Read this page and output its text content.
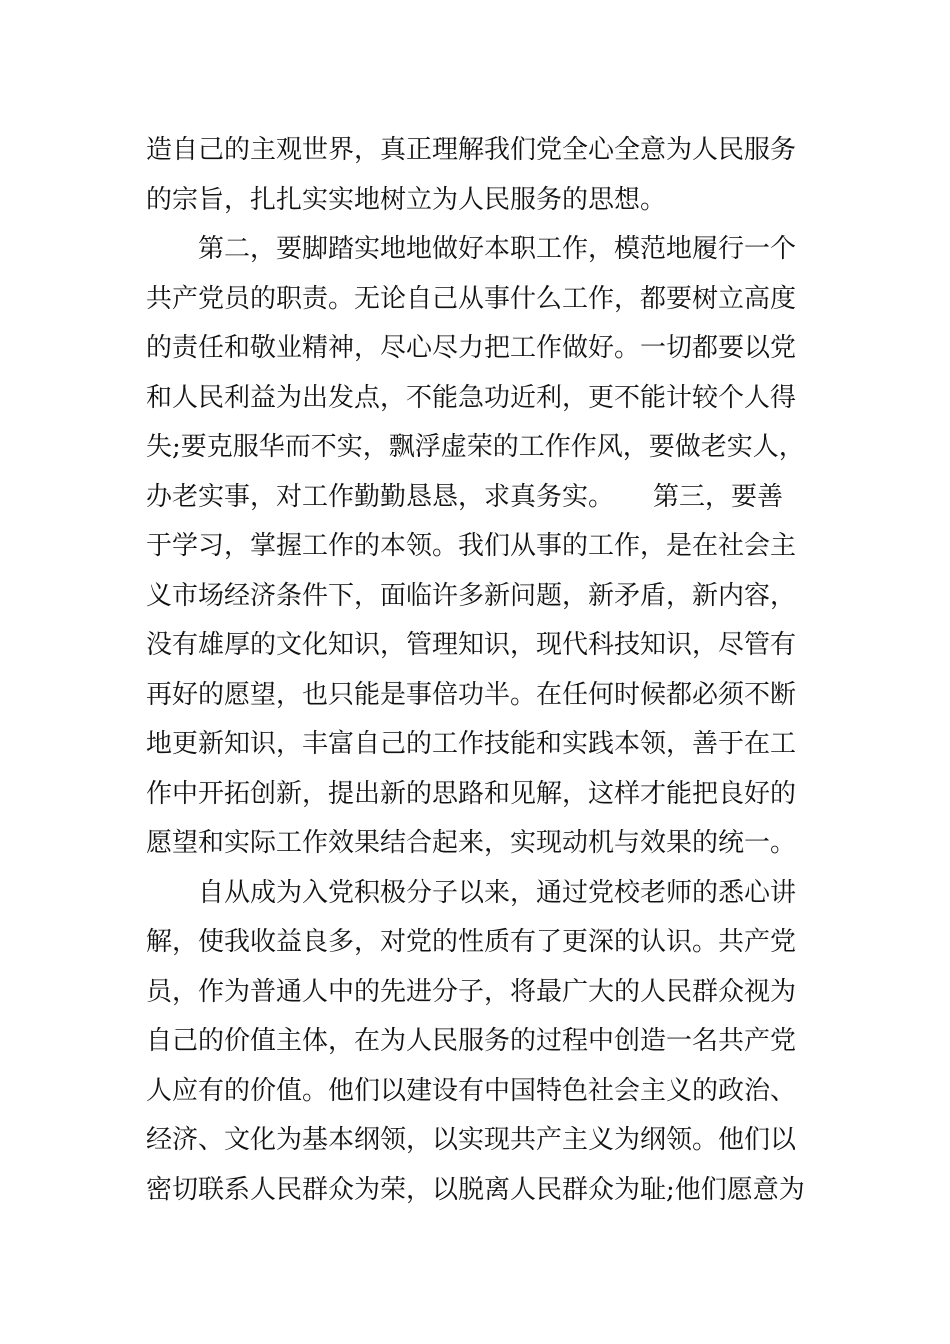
造自己的主观世界，真正理解我们党全心全意为人民服务
的宗旨，扎扎实实地树立为人民服务的思想。
　　第二，要脚踏实地地做好本职工作，模范地履行一个
共产党员的职责。无论自己从事什么工作，都要树立高度
的责任和敬业精神，尽心尽力把工作做好。一切都要以党
和人民利益为出发点，不能急功近利，更不能计较个人得
失;要克服华而不实，飘浮虚荣的工作作风，要做老实人，
办老实事，对工作勤勤恳恳，求真务实。　　第三，要善
于学习，掌握工作的本领。我们从事的工作，是在社会主
义市场经济条件下，面临许多新问题，新矛盾，新内容，
没有雄厚的文化知识，管理知识，现代科技知识，尽管有
再好的愿望，也只能是事倍功半。在任何时候都必须不断
地更新知识，丰富自己的工作技能和实践本领，善于在工
作中开拓创新，提出新的思路和见解，这样才能把良好的
愿望和实际工作效果结合起来，实现动机与效果的统一。
　　自从成为入党积极分子以来，通过党校老师的悉心讲
解，使我收益良多，对党的性质有了更深的认识。共产党
员，作为普通人中的先进分子，将最广大的人民群众视为
自己的价值主体，在为人民服务的过程中创造一名共产党
人应有的价值。他们以建设有中国特色社会主义的政治、
经济、文化为基本纲领，以实现共产主义为纲领。他们以
密切联系人民群众为荣，以脱离人民群众为耻;他们愿意为
